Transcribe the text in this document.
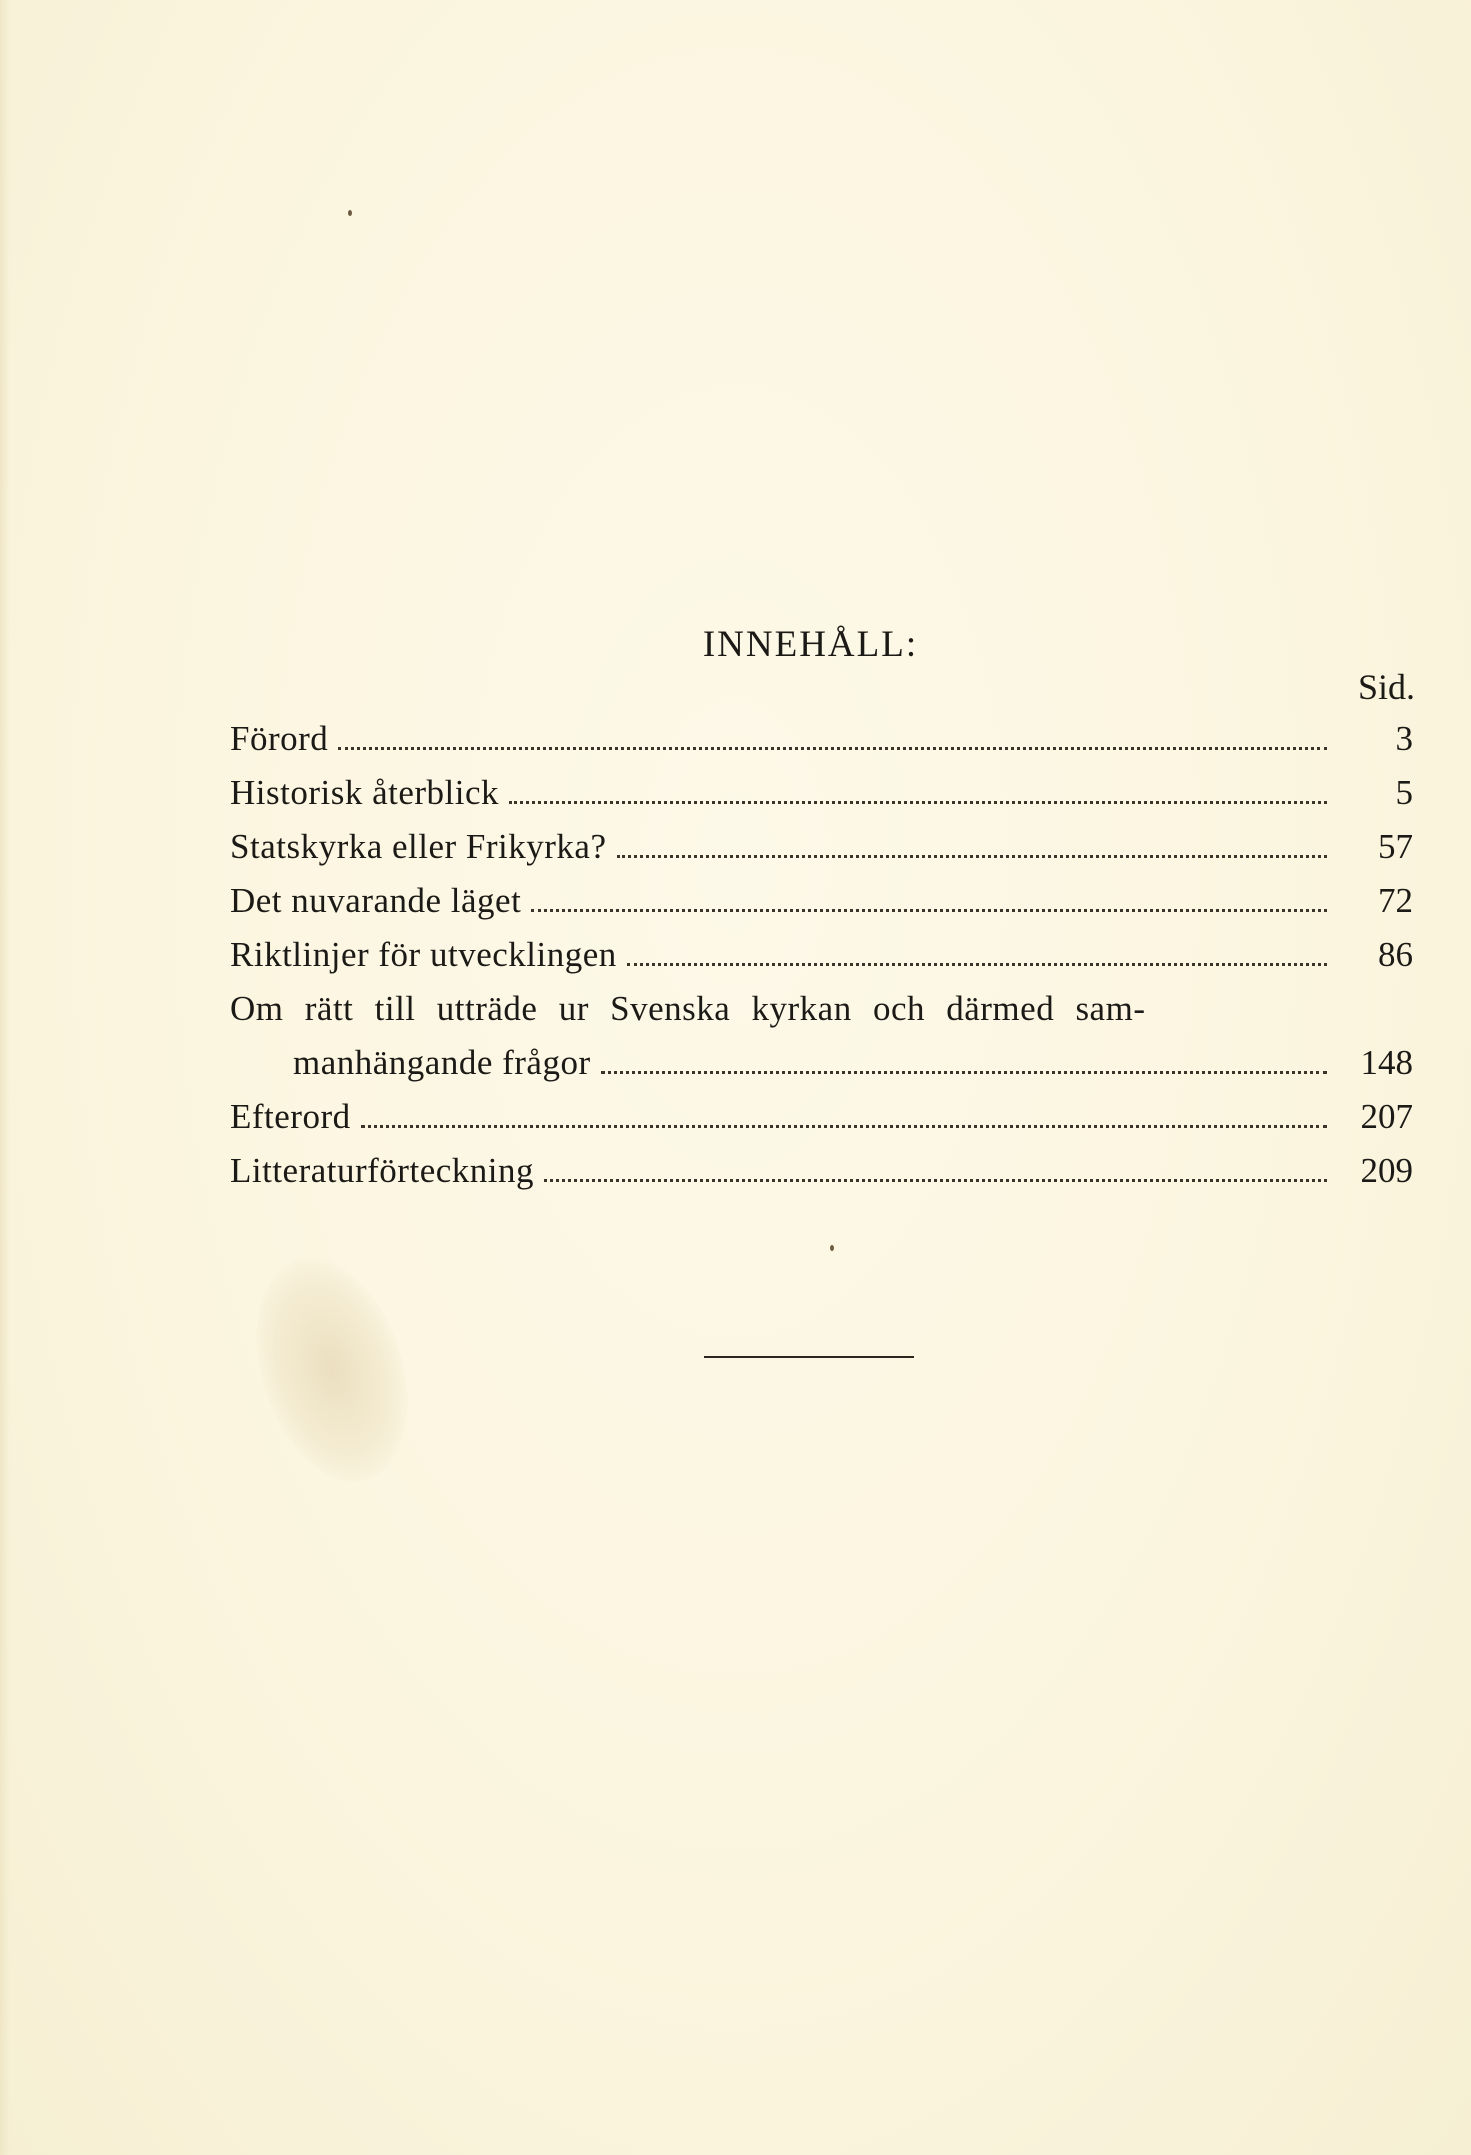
INNEHÅLL:
Sid.
Förord	3
Historisk återblick	5
Statskyrka eller Frikyrka?	57
Det nuvarande läget	72
Riktlinjer för utvecklingen	86
Om rätt till utträde ur Svenska kyrkan och därmed sam-
manhängande frågor	148
Efterord	207
Litteraturförteckning	209
